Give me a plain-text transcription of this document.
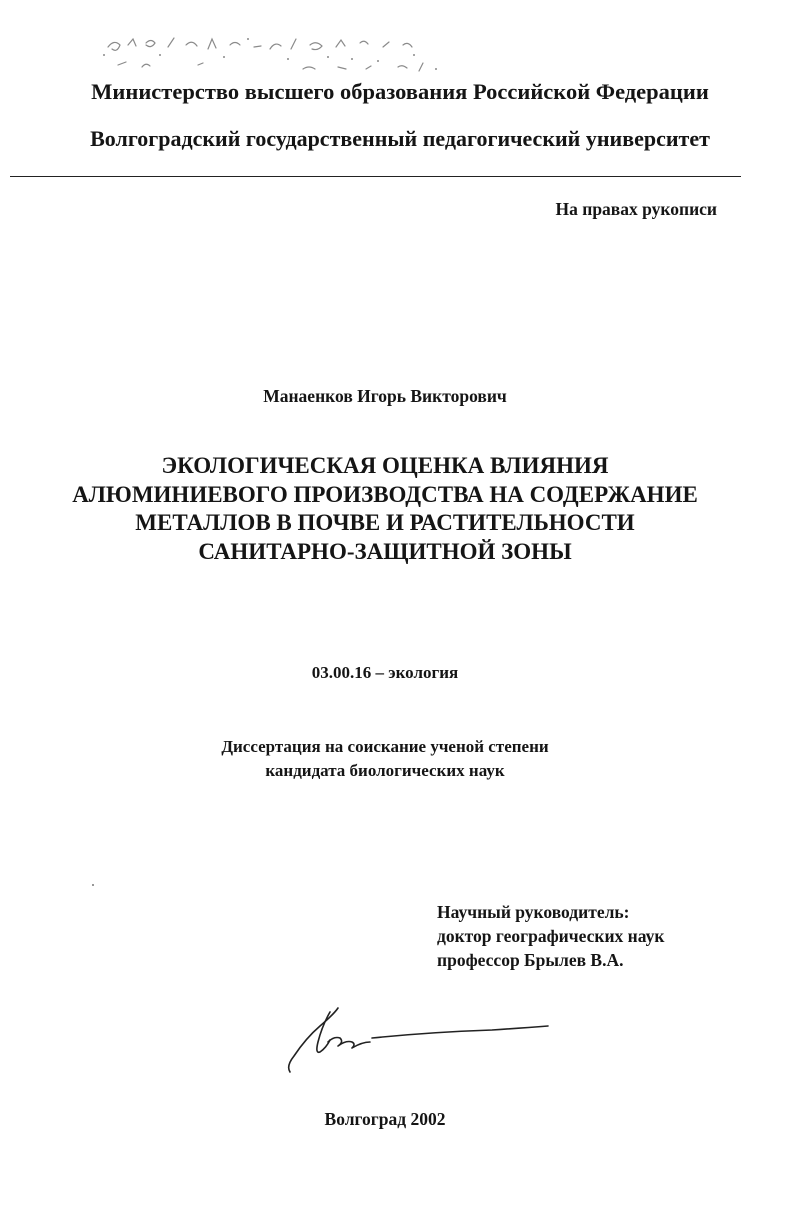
Министерство высшего образования Российской Федерации
Волгоградский государственный педагогический университет
На правах рукописи
Манаенков Игорь Викторович
ЭКОЛОГИЧЕСКАЯ ОЦЕНКА ВЛИЯНИЯ
АЛЮМИНИЕВОГО ПРОИЗВОДСТВА НА СОДЕРЖАНИЕ
МЕТАЛЛОВ В ПОЧВЕ И РАСТИТЕЛЬНОСТИ
САНИТАРНО-ЗАЩИТНОЙ ЗОНЫ
03.00.16 – экология
Диссертация на соискание ученой степени
кандидата биологических наук
Научный руководитель:
доктор географических наук
профессор Брылев В.А.
Волгоград 2002
